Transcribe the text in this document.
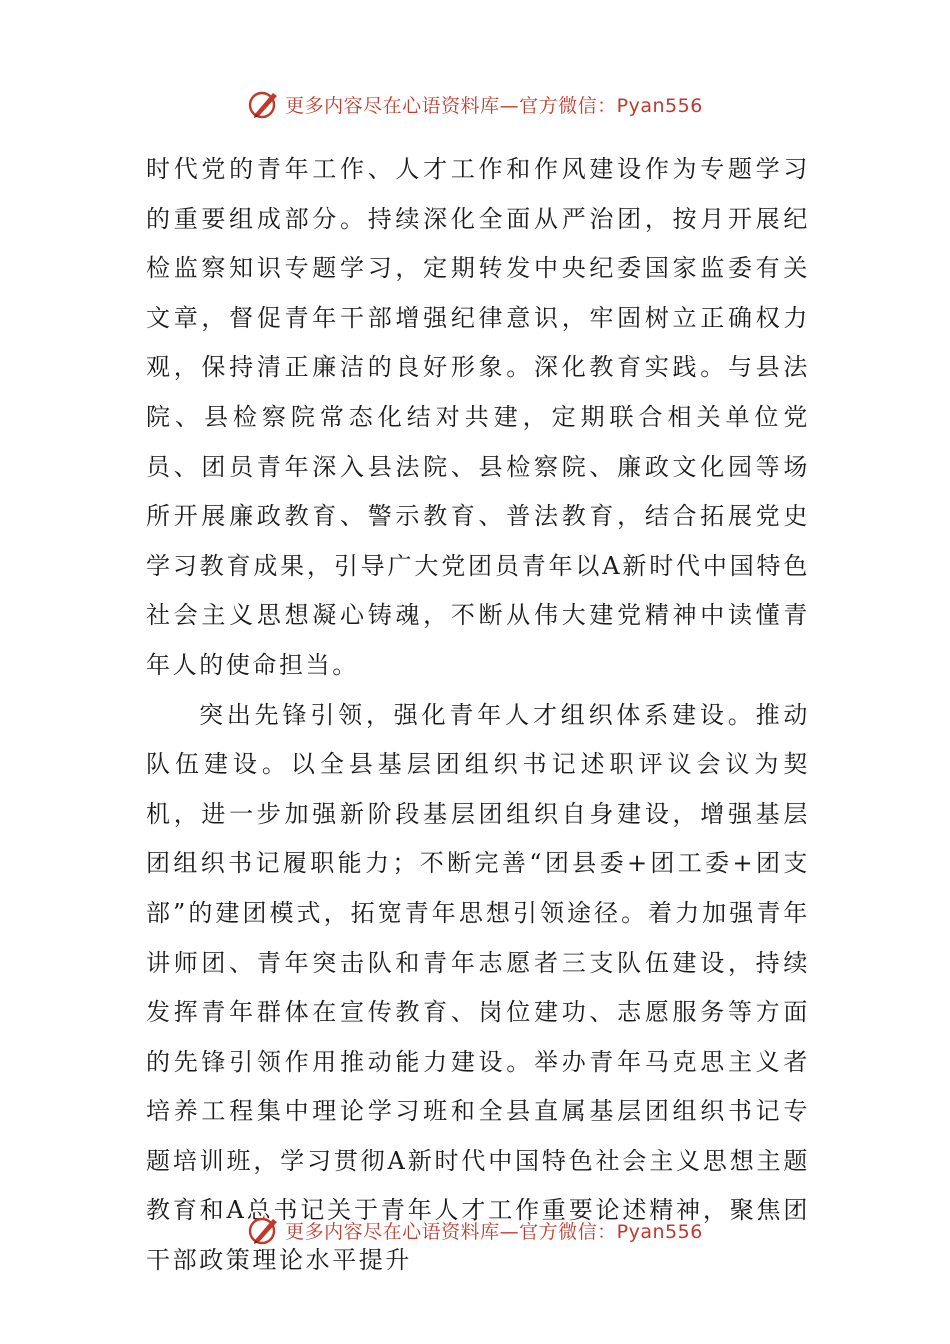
更多内容尽在心语资料库 —官方微信：Pyan556

时代党的青年工作、人才工作和作风建设作为专题学习的重要组成部分。持续深化全面从严治团，按月开展纪检监察知识专题学习，定期转发中央纪委国家监委有关文章，督促青年干部增强纪律意识，牢固树立正确权力观，保持清正廉洁的良好形象。深化教育实践。与县法院、县检察院常态化结对共建，定期联合相关单位党员、团员青年深入县法院、县检察院、廉政文化园等场所开展廉政教育、警示教育、普法教育，结合拓展党史学习教育成果，引导广大党团员青年以A新时代中国特色社会主义思想凝心铸魂，不断从伟大建党精神中读懂青年人的使命担当。

突出先锋引领，强化青年人才组织体系建设。推动队伍建设。以全县基层团组织书记述职评议会议为契机，进一步加强新阶段基层团组织自身建设，增强基层团组织书记履职能力；不断完善“团县委+团工委+团支部”的建团模式，拓宽青年思想引领途径。着力加强青年讲师团、青年突击队和青年志愿者三支队伍建设，持续发挥青年群体在宣传教育、岗位建功、志愿服务等方面的先锋引领作用推动能力建设。举办青年马克思主义者培养工程集中理论学习班和全县直属基层团组织书记专题培训班，学习贯彻A新时代中国特色社会主义思想主题教育和A总书记关于青年人才工作重要论述精神，聚焦团干部政策理论水平提升

更多内容尽在心语资料库 —官方微信：Pyan556
